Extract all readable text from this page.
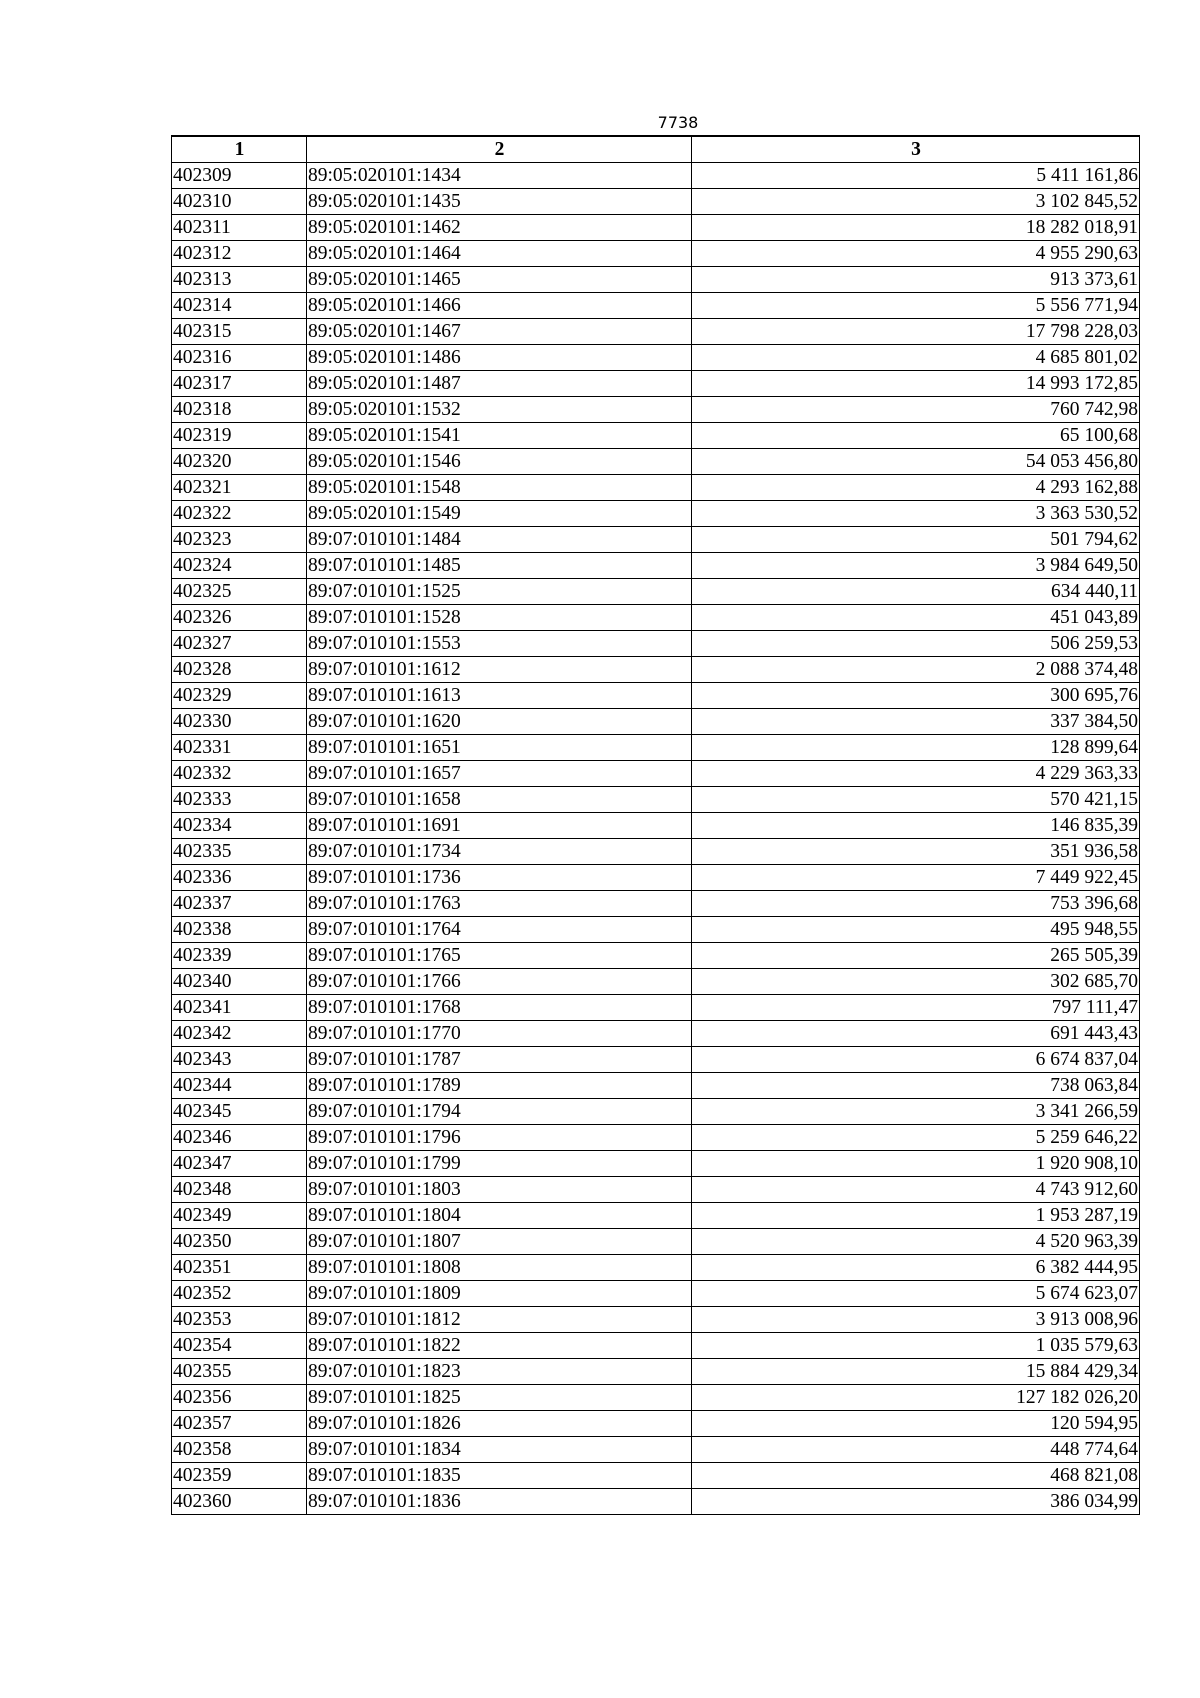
7738
1	2	3
402309	89:05:020101:1434	5 411 161,86
402310	89:05:020101:1435	3 102 845,52
402311	89:05:020101:1462	18 282 018,91
402312	89:05:020101:1464	4 955 290,63
402313	89:05:020101:1465	913 373,61
402314	89:05:020101:1466	5 556 771,94
402315	89:05:020101:1467	17 798 228,03
402316	89:05:020101:1486	4 685 801,02
402317	89:05:020101:1487	14 993 172,85
402318	89:05:020101:1532	760 742,98
402319	89:05:020101:1541	65 100,68
402320	89:05:020101:1546	54 053 456,80
402321	89:05:020101:1548	4 293 162,88
402322	89:05:020101:1549	3 363 530,52
402323	89:07:010101:1484	501 794,62
402324	89:07:010101:1485	3 984 649,50
402325	89:07:010101:1525	634 440,11
402326	89:07:010101:1528	451 043,89
402327	89:07:010101:1553	506 259,53
402328	89:07:010101:1612	2 088 374,48
402329	89:07:010101:1613	300 695,76
402330	89:07:010101:1620	337 384,50
402331	89:07:010101:1651	128 899,64
402332	89:07:010101:1657	4 229 363,33
402333	89:07:010101:1658	570 421,15
402334	89:07:010101:1691	146 835,39
402335	89:07:010101:1734	351 936,58
402336	89:07:010101:1736	7 449 922,45
402337	89:07:010101:1763	753 396,68
402338	89:07:010101:1764	495 948,55
402339	89:07:010101:1765	265 505,39
402340	89:07:010101:1766	302 685,70
402341	89:07:010101:1768	797 111,47
402342	89:07:010101:1770	691 443,43
402343	89:07:010101:1787	6 674 837,04
402344	89:07:010101:1789	738 063,84
402345	89:07:010101:1794	3 341 266,59
402346	89:07:010101:1796	5 259 646,22
402347	89:07:010101:1799	1 920 908,10
402348	89:07:010101:1803	4 743 912,60
402349	89:07:010101:1804	1 953 287,19
402350	89:07:010101:1807	4 520 963,39
402351	89:07:010101:1808	6 382 444,95
402352	89:07:010101:1809	5 674 623,07
402353	89:07:010101:1812	3 913 008,96
402354	89:07:010101:1822	1 035 579,63
402355	89:07:010101:1823	15 884 429,34
402356	89:07:010101:1825	127 182 026,20
402357	89:07:010101:1826	120 594,95
402358	89:07:010101:1834	448 774,64
402359	89:07:010101:1835	468 821,08
402360	89:07:010101:1836	386 034,99
